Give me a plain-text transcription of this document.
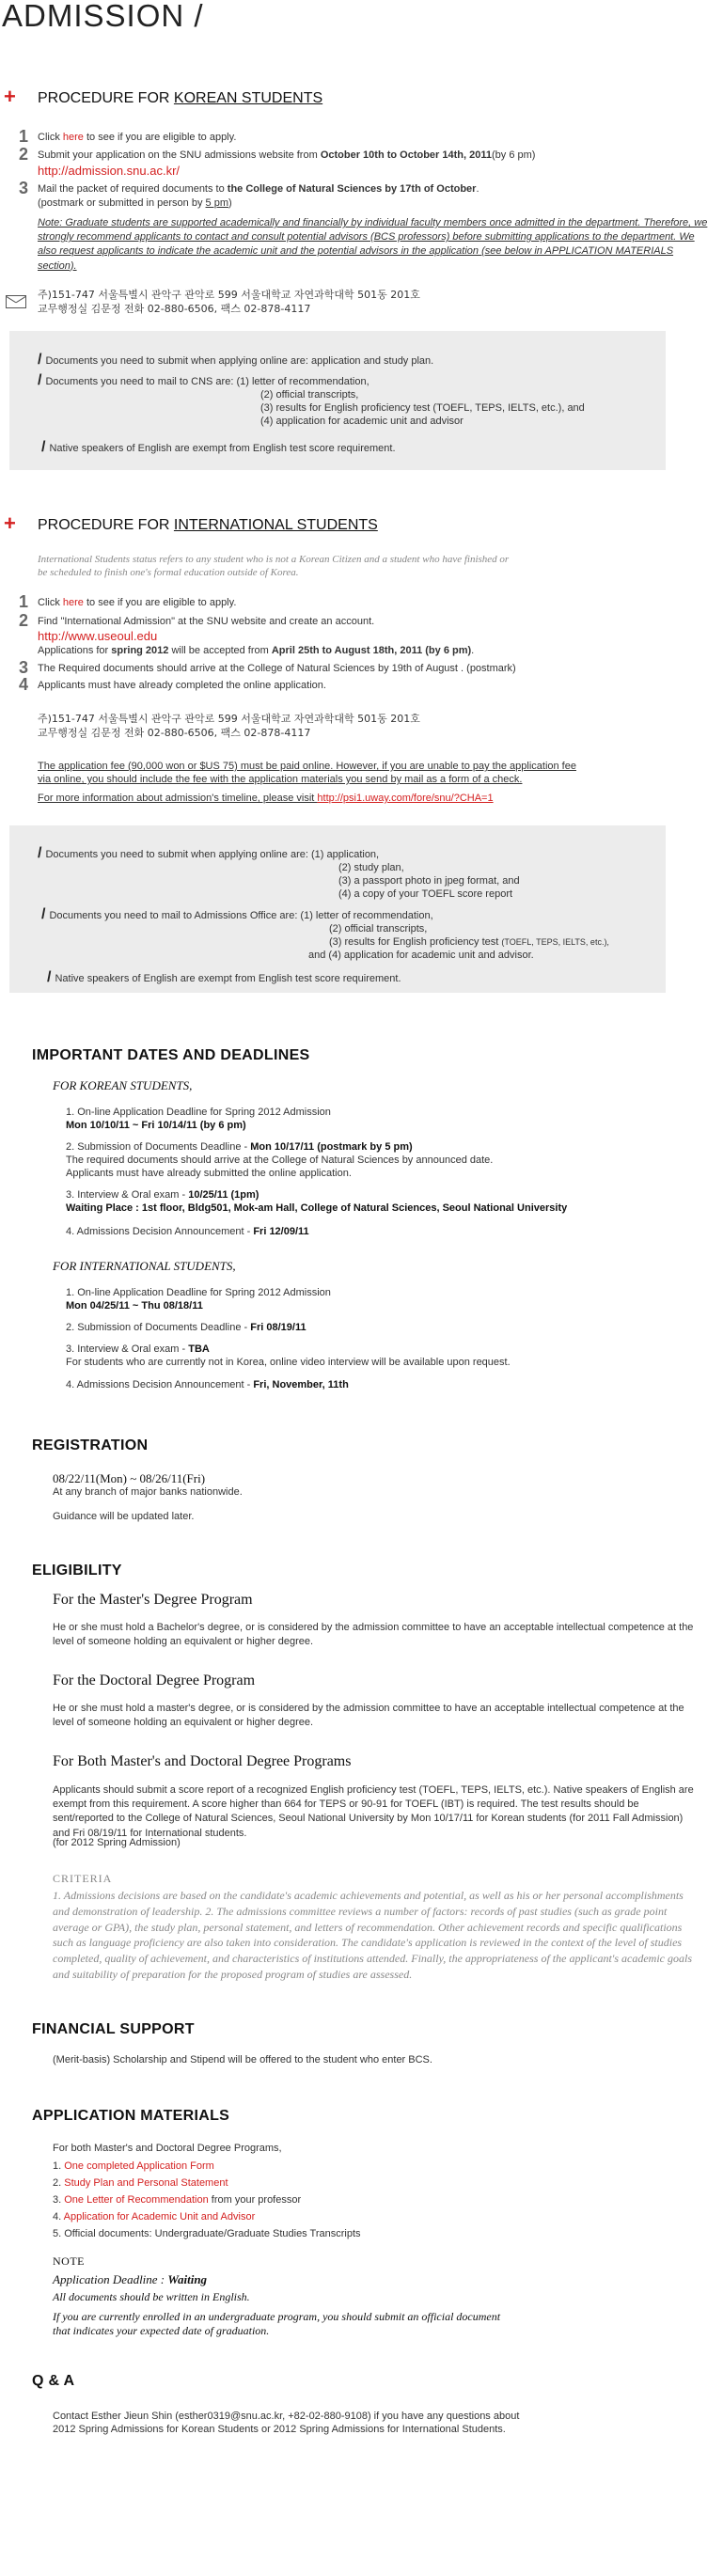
ADMISSION /
+ PROCEDURE FOR KOREAN STUDENTS
1 Click here to see if you are eligible to apply.
2 Submit your application on the SNU admissions website from October 10th to October 14th, 2011(by 6 pm)
http://admission.snu.ac.kr/
3 Mail the packet of required documents to the College of Natural Sciences by 17th of October.
(postmark or submitted in person by 5 pm)
Note: Graduate students are supported academically and financially by individual faculty members once admitted in the department. Therefore, we strongly recommend applicants to contact and consult potential advisors (BCS professors) before submitting applications to the department. We also request applicants to indicate the academic unit and the potential advisors in the application (see below in APPLICATION MATERIALS section).
주)151-747 서울특별시 관악구 관악로 599 서울대학교 자연과학대학 501동 201호
교무행정실 김문정 전화 02-880-6506, 팩스 02-878-4117
/ Documents you need to submit when applying online are: application and study plan.
/ Documents you need to mail to CNS are: (1) letter of recommendation,
(2) official transcripts,
(3) results for English proficiency test (TOEFL, TEPS, IELTS, etc.), and
(4) application for academic unit and advisor
/ Native speakers of English are exempt from English test score requirement.
+ PROCEDURE FOR INTERNATIONAL STUDENTS
International Students status refers to any student who is not a Korean Citizen and a student who have finished or
be scheduled to finish one's formal education outside of Korea.
1 Click here to see if you are eligible to apply.
2 Find "International Admission" at the SNU website and create an account.
http://www.useoul.edu
Applications for spring 2012 will be accepted from April 25th to August 18th, 2011 (by 6 pm).
3 The Required documents should arrive at the College of Natural Sciences by 19th of August . (postmark)
4 Applicants must have already completed the online application.
주)151-747 서울특별시 관악구 관악로 599 서울대학교 자연과학대학 501동 201호
교무행정실 김문정 전화 02-880-6506, 팩스 02-878-4117
The application fee (90,000 won or $US 75) must be paid online. However, if you are unable to pay the application fee
via online, you should include the fee with the application materials you send by mail as a form of a check.
For more information about admission's timeline, please visit http://psi1.uway.com/fore/snu/?CHA=1
/ Documents you need to submit when applying online are: (1) application,
(2) study plan,
(3) a passport photo in jpeg format, and
(4) a copy of your TOEFL score report
/ Documents you need to mail to Admissions Office are: (1) letter of recommendation,
(2) official transcripts,
(3) results for English proficiency test (TOEFL, TEPS, IELTS, etc.),
and (4) application for academic unit and advisor.
/ Native speakers of English are exempt from English test score requirement.
IMPORTANT DATES AND DEADLINES
FOR KOREAN STUDENTS,
1. On-line Application Deadline for Spring 2012 Admission
Mon 10/10/11 ~ Fri 10/14/11 (by 6 pm)
2. Submission of Documents Deadline - Mon 10/17/11 (postmark by 5 pm)
The required documents should arrive at the College of Natural Sciences by announced date.
Applicants must have already submitted the online application.
3. Interview & Oral exam - 10/25/11 (1pm)
Waiting Place : 1st floor, Bldg501, Mok-am Hall, College of Natural Sciences, Seoul National University
4. Admissions Decision Announcement - Fri 12/09/11
FOR INTERNATIONAL STUDENTS,
1. On-line Application Deadline for Spring 2012 Admission
Mon 04/25/11 ~ Thu 08/18/11
2. Submission of Documents Deadline - Fri 08/19/11
3. Interview & Oral exam - TBA
For students who are currently not in Korea, online video interview will be available upon request.
4. Admissions Decision Announcement - Fri, November, 11th
REGISTRATION
08/22/11(Mon) ~ 08/26/11(Fri)
At any branch of major banks nationwide.
Guidance will be updated later.
ELIGIBILITY
For the Master's Degree Program
He or she must hold a Bachelor's degree, or is considered by the admission committee to have an acceptable intellectual competence at the level of someone holding an equivalent or higher degree.
For the Doctoral Degree Program
He or she must hold a master's degree, or is considered by the admission committee to have an acceptable intellectual competence at the level of someone holding an equivalent or higher degree.
For Both Master's and Doctoral Degree Programs
Applicants should submit a score report of a recognized English proficiency test (TOEFL, TEPS, IELTS, etc.). Native speakers of English are exempt from this requirement. A score higher than 664 for TEPS or 90-91 for TOEFL (IBT) is required. The test results should be sent/reported to the College of Natural Sciences, Seoul National University by Mon 10/17/11 for Korean students (for 2011 Fall Admission) and Fri 08/19/11 for International students.
(for 2012 Spring Admission)
CRITERIA
1. Admissions decisions are based on the candidate's academic achievements and potential, as well as his or her personal accomplishments and demonstration of leadership. 2. The admissions committee reviews a number of factors: records of past studies (such as grade point average or GPA), the study plan, personal statement, and letters of recommendation. Other achievement records and specific qualifications such as language proficiency are also taken into consideration. The candidate's application is reviewed in the context of the level of studies completed, quality of achievement, and characteristics of institutions attended. Finally, the appropriateness of the applicant's academic goals and suitability of preparation for the proposed program of studies are assessed.
FINANCIAL SUPPORT
(Merit-basis) Scholarship and Stipend will be offered to the student who enter BCS.
APPLICATION MATERIALS
For both Master's and Doctoral Degree Programs,
1. One completed Application Form
2. Study Plan and Personal Statement
3. One Letter of Recommendation from your professor
4. Application for Academic Unit and Advisor
5. Official documents: Undergraduate/Graduate Studies Transcripts
NOTE
Application Deadline : Waiting
All documents should be written in English.
If you are currently enrolled in an undergraduate program, you should submit an official document
that indicates your expected date of graduation.
Q & A
Contact Esther Jieun Shin (esther0319@snu.ac.kr, +82-02-880-9108) if you have any questions about
2012 Spring Admissions for Korean Students or 2012 Spring Admissions for International Students.
